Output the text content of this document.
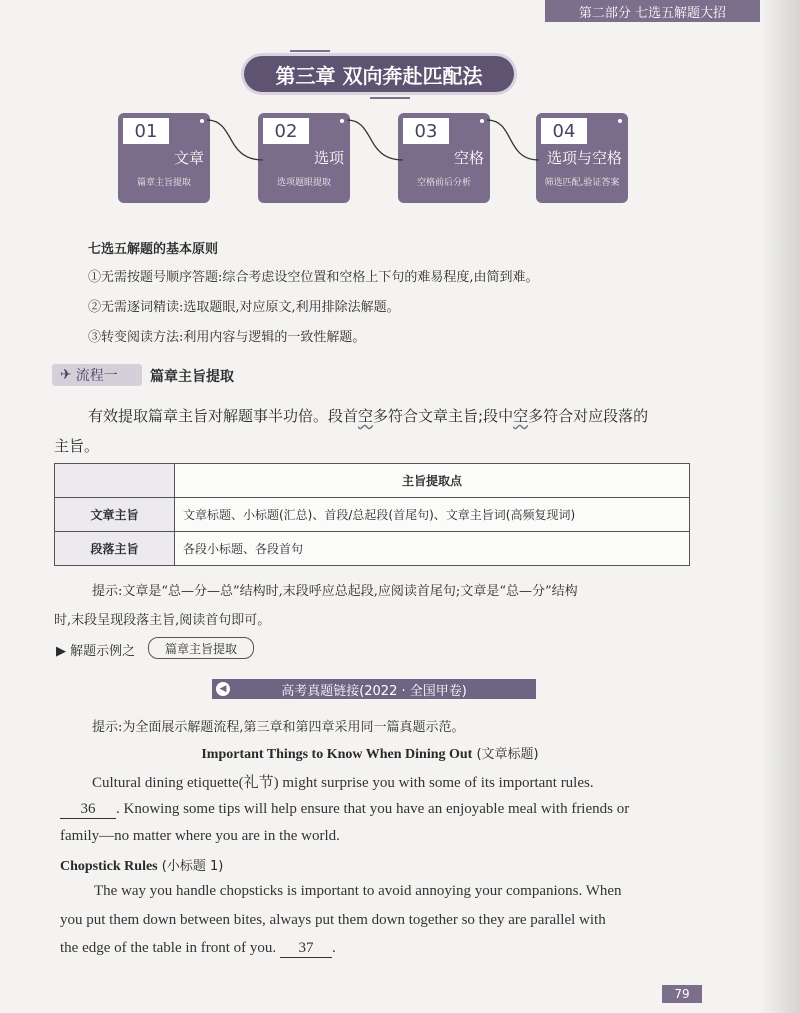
第二部分 七选五解题大招
第三章 双向奔赴匹配法
01
文章
篇章主旨提取
02
选项
选项题眼提取
03
空格
空格前后分析
04
选项与空格
筛选匹配,验证答案
七选五解题的基本原则
①无需按题号顺序答题:综合考虑设空位置和空格上下句的难易程度,由简到难。
②无需逐词精读:选取题眼,对应原文,利用排除法解题。
③转变阅读方法:利用内容与逻辑的一致性解题。
✈ 流程一 篇章主旨提取
有效提取篇章主旨对解题事半功倍。段首空多符合文章主旨;段中空多符合对应段落的
主旨。
	主旨提取点
文章主旨	文章标题、小标题(汇总)、首段/总起段(首尾句)、文章主旨词(高频复现词)
段落主旨	各段小标题、各段首句
提示:文章是“总—分—总”结构时,末段呼应总起段,应阅读首尾句;文章是“总—分”结构
时,末段呈现段落主旨,阅读首句即可。
▶ 解题示例之	篇章主旨提取
高考真题链接(2022 · 全国甲卷)
◀
提示:为全面展示解题流程,第三章和第四章采用同一篇真题示范。
Important Things to Know When Dining Out (文章标题)
Cultural dining etiquette(礼节) might surprise you with some of its important rules.
36 . Knowing some tips will help ensure that you have an enjoyable meal with friends or
family—no matter where you are in the world.
Chopstick Rules (小标题 1)
The way you handle chopsticks is important to avoid annoying your companions. When
you put them down between bites, always put them down together so they are parallel with
the edge of the table in front of you. 37 .
79
